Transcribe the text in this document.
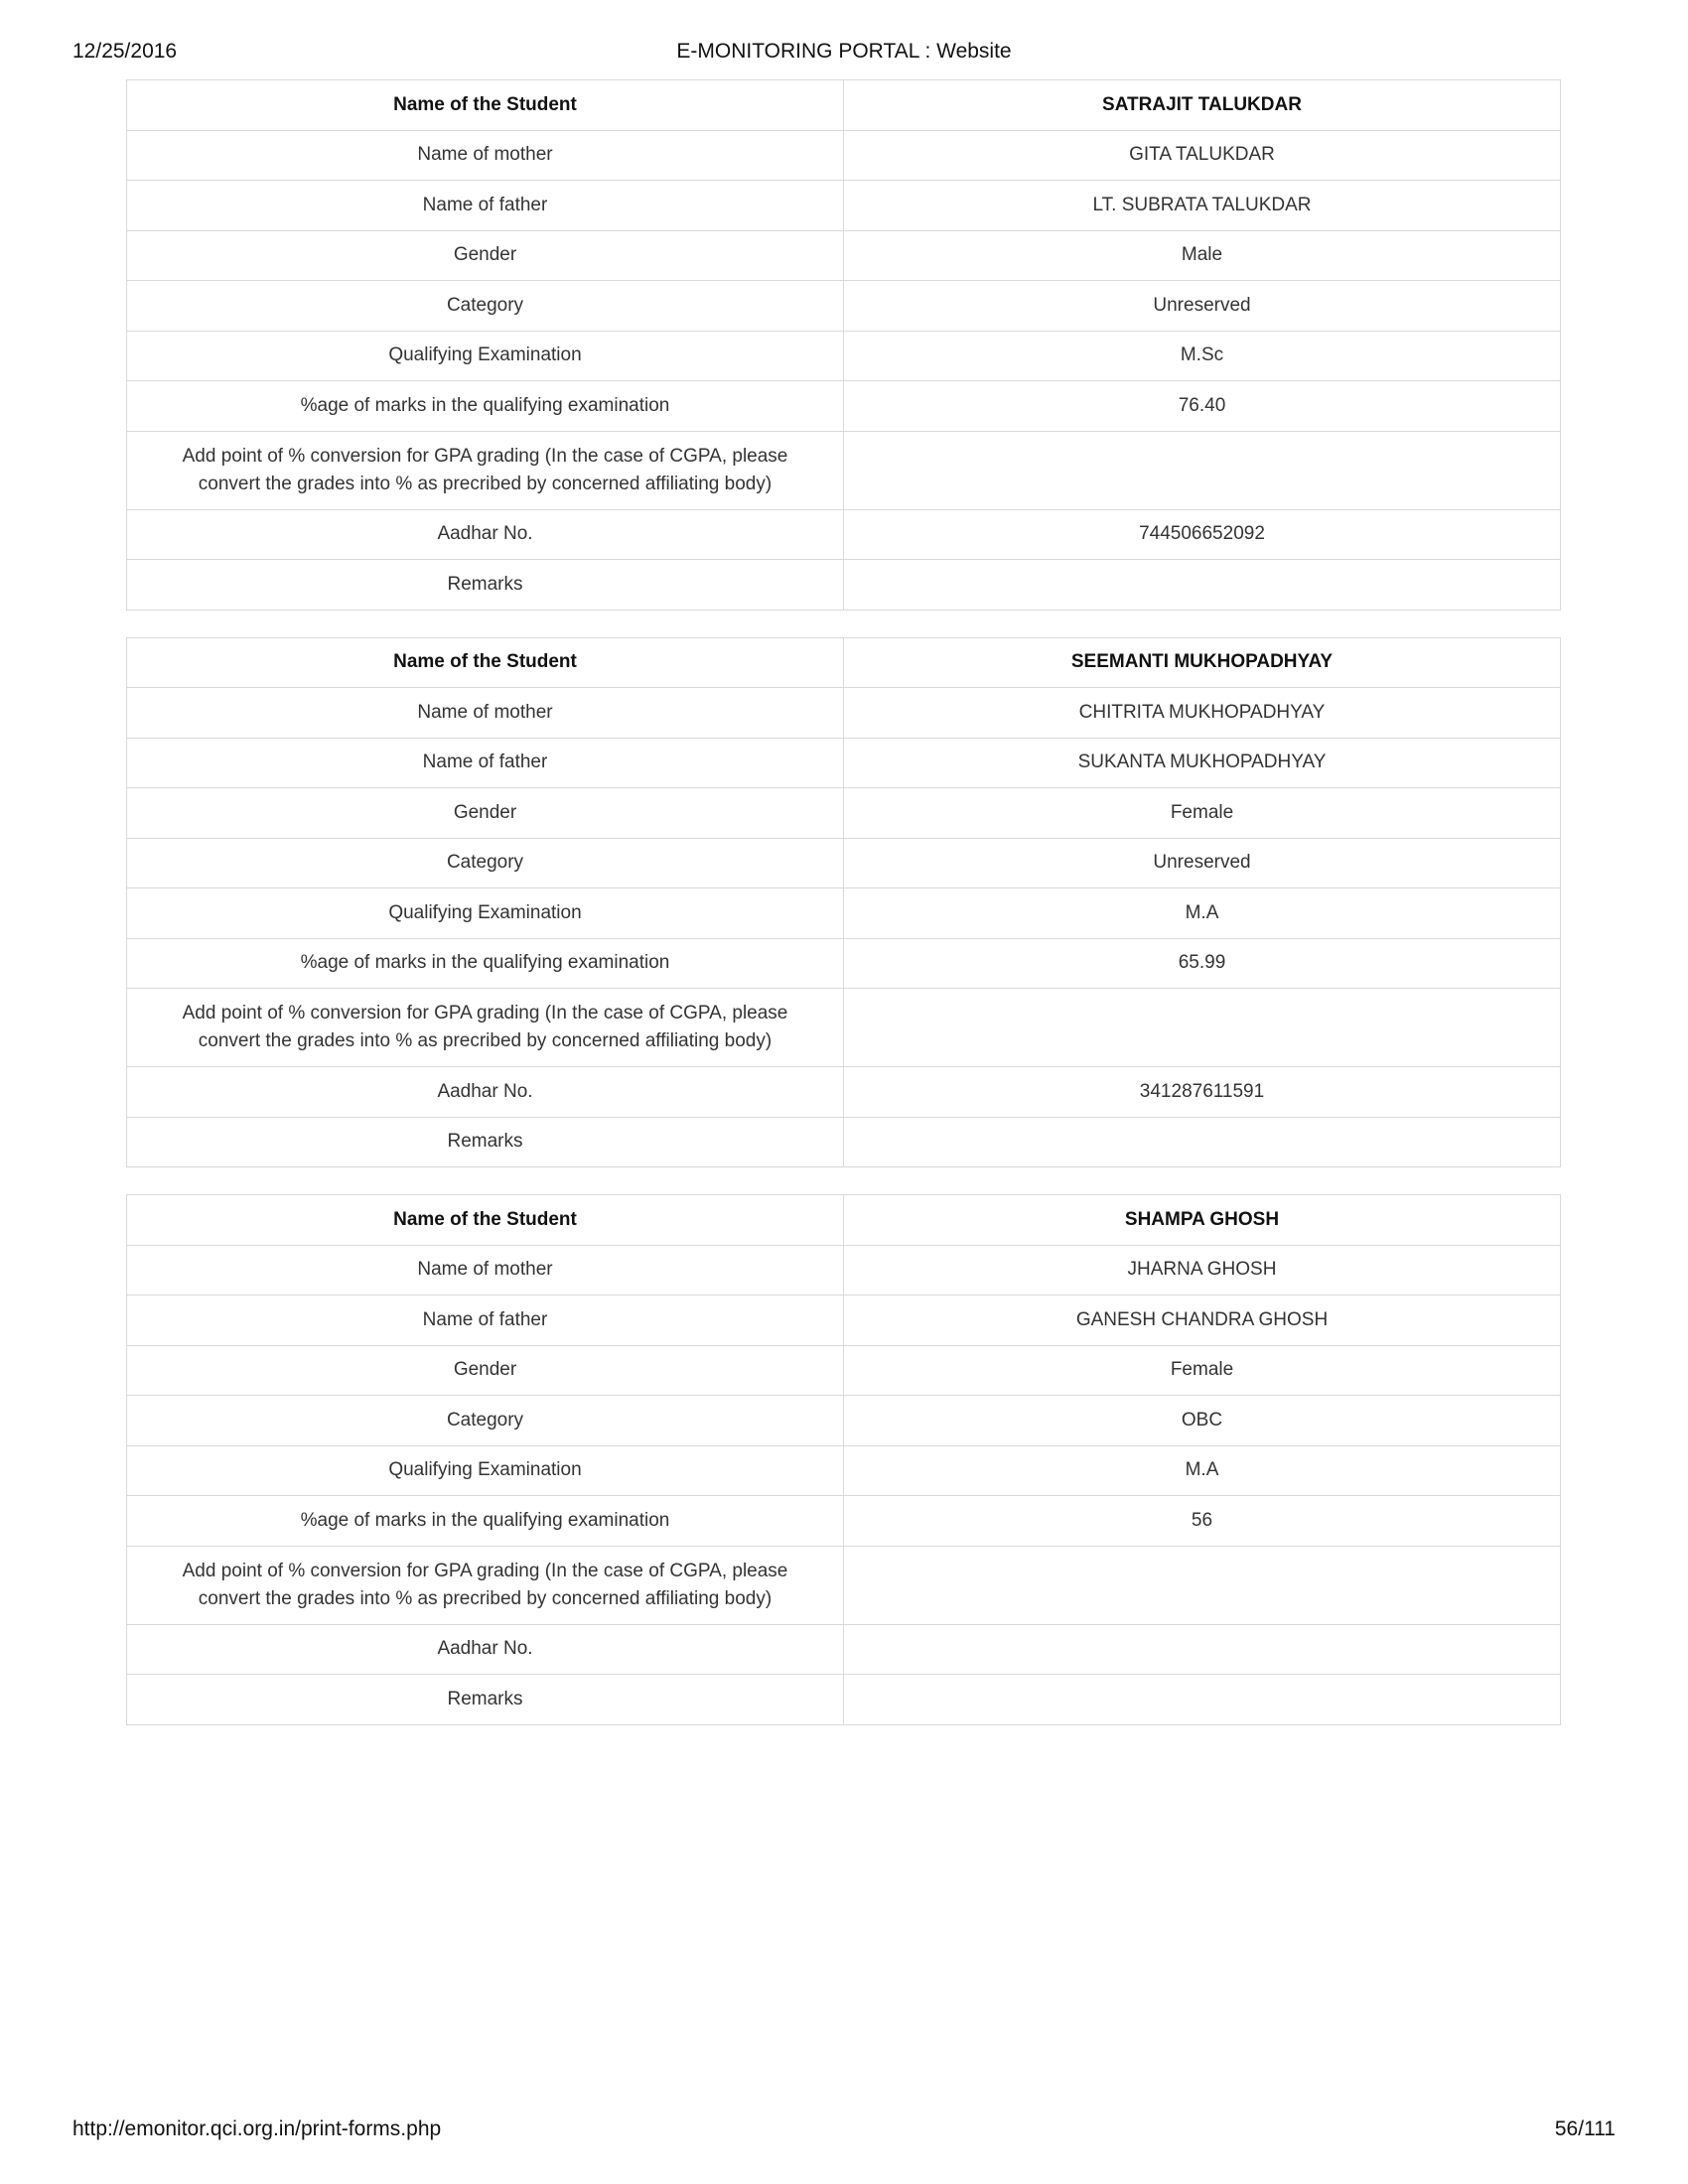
12/25/2016	E-MONITORING PORTAL : Website
Name of the Student	SATRAJIT TALUKDAR
Name of mother	GITA TALUKDAR
Name of father	LT. SUBRATA TALUKDAR
Gender	Male
Category	Unreserved
Qualifying Examination	M.Sc
%age of marks in the qualifying examination	76.40
Add point of % conversion for GPA grading (In the case of CGPA, please convert the grades into % as precribed by concerned affiliating body)	
Aadhar No.	744506652092
Remarks	
Name of the Student	SEEMANTI MUKHOPADHYAY
Name of mother	CHITRITA MUKHOPADHYAY
Name of father	SUKANTA MUKHOPADHYAY
Gender	Female
Category	Unreserved
Qualifying Examination	M.A
%age of marks in the qualifying examination	65.99
Add point of % conversion for GPA grading (In the case of CGPA, please convert the grades into % as precribed by concerned affiliating body)	
Aadhar No.	341287611591
Remarks	
Name of the Student	SHAMPA GHOSH
Name of mother	JHARNA GHOSH
Name of father	GANESH CHANDRA GHOSH
Gender	Female
Category	OBC
Qualifying Examination	M.A
%age of marks in the qualifying examination	56
Add point of % conversion for GPA grading (In the case of CGPA, please convert the grades into % as precribed by concerned affiliating body)	
Aadhar No.	
Remarks	
http://emonitor.qci.org.in/print-forms.php	56/111
